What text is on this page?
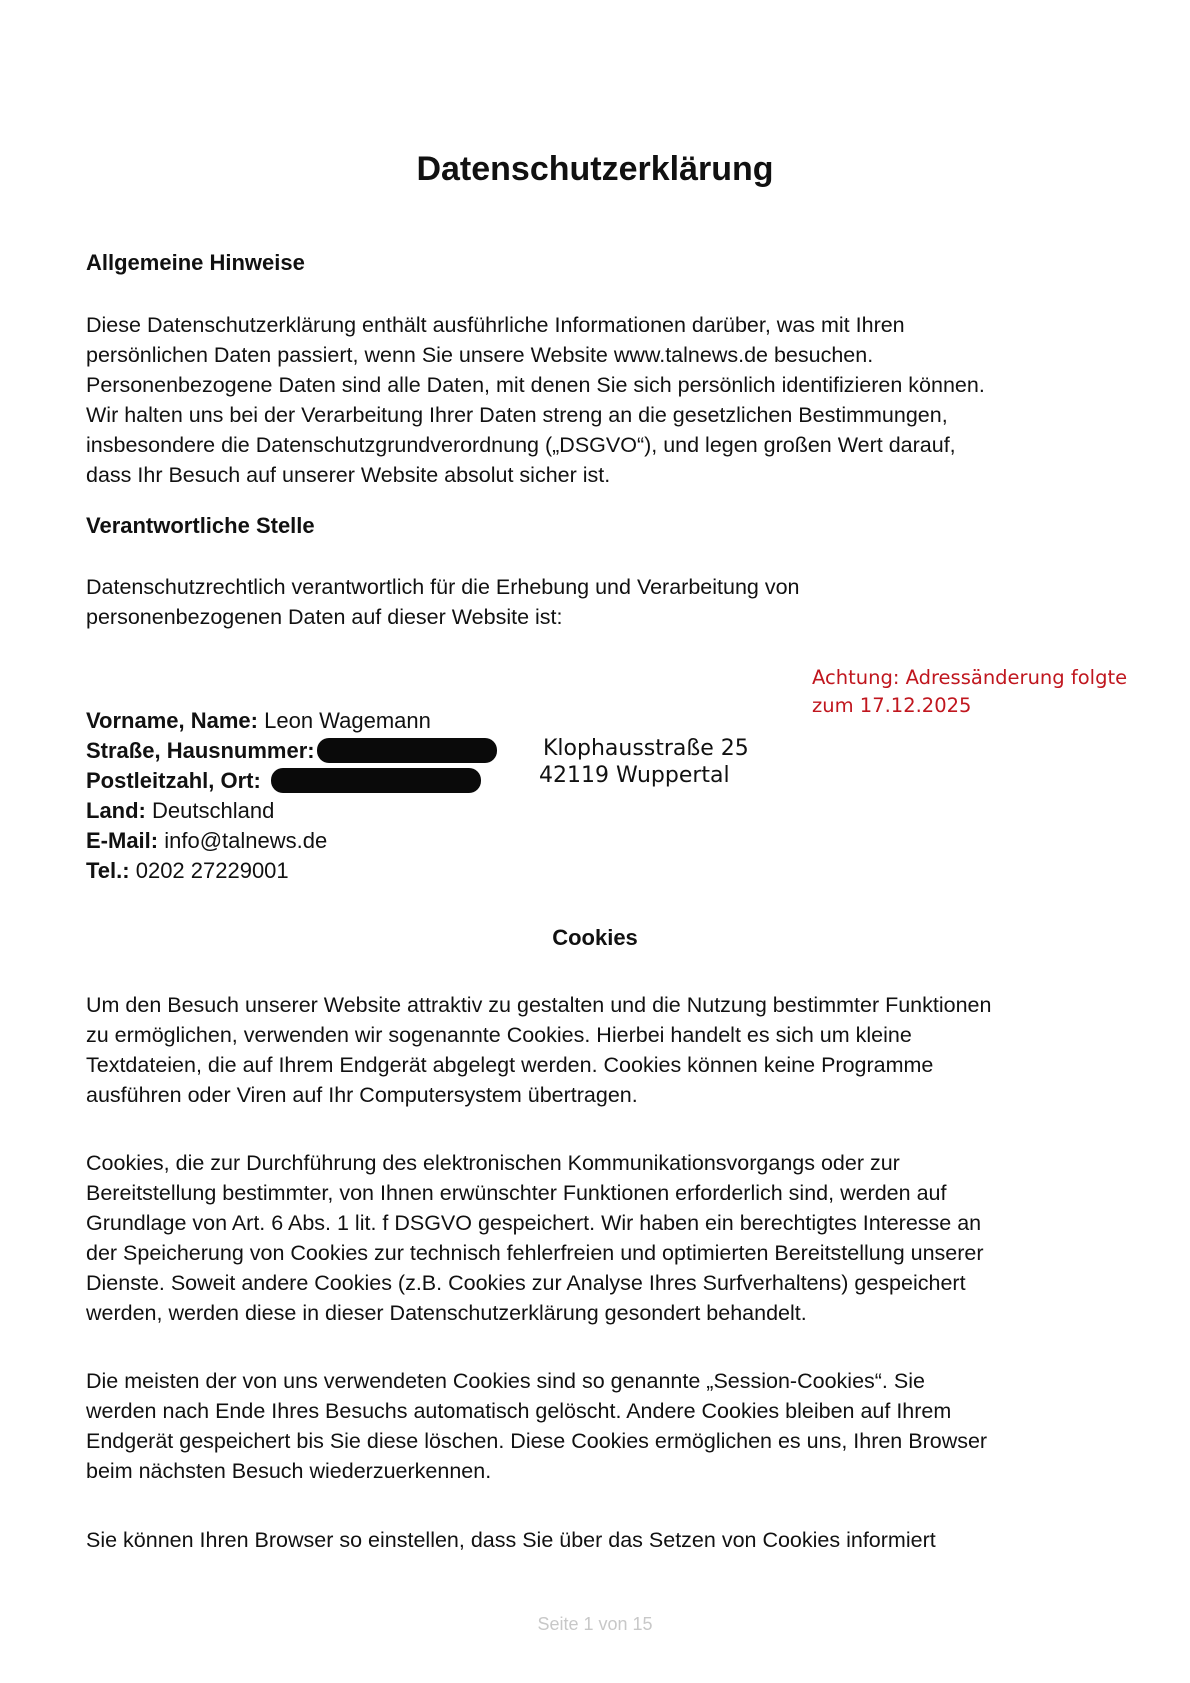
Datenschutzerklärung
Allgemeine Hinweise

Diese Datenschutzerklärung enthält ausführliche Informationen darüber, was mit Ihren

persönlichen Daten passiert, wenn Sie unsere Website www.talnews.de besuchen.

Personenbezogene Daten sind alle Daten, mit denen Sie sich persönlich identifizieren können.

Wir halten uns bei der Verarbeitung Ihrer Daten streng an die gesetzlichen Bestimmungen,

insbesondere die Datenschutzgrundverordnung („DSGVO“), und legen großen Wert darauf,

dass Ihr Besuch auf unserer Website absolut sicher ist.

Verantwortliche Stelle

Datenschutzrechtlich verantwortlich für die Erhebung und Verarbeitung von

personenbezogenen Daten auf dieser Website ist:

Achtung: Adressänderung folgte
zum 17.12.2025
Vorname, Name: Leon Wagemann
Straße, Hausnummer:
Postleitzahl, Ort:
Land: Deutschland
E-Mail: info@talnews.de
Tel.: 0202 27229001
Klophausstraße 25
42119 Wuppertal
Cookies

Um den Besuch unserer Website attraktiv zu gestalten und die Nutzung bestimmter Funktionen

zu ermöglichen, verwenden wir sogenannte Cookies. Hierbei handelt es sich um kleine

Textdateien, die auf Ihrem Endgerät abgelegt werden. Cookies können keine Programme

ausführen oder Viren auf Ihr Computersystem übertragen.

Cookies, die zur Durchführung des elektronischen Kommunikationsvorgangs oder zur

Bereitstellung bestimmter, von Ihnen erwünschter Funktionen erforderlich sind, werden auf

Grundlage von Art. 6 Abs. 1 lit. f DSGVO gespeichert. Wir haben ein berechtigtes Interesse an

der Speicherung von Cookies zur technisch fehlerfreien und optimierten Bereitstellung unserer

Dienste. Soweit andere Cookies (z.B. Cookies zur Analyse Ihres Surfverhaltens) gespeichert

werden, werden diese in dieser Datenschutzerklärung gesondert behandelt.

Die meisten der von uns verwendeten Cookies sind so genannte „Session-Cookies“. Sie

werden nach Ende Ihres Besuchs automatisch gelöscht. Andere Cookies bleiben auf Ihrem

Endgerät gespeichert bis Sie diese löschen. Diese Cookies ermöglichen es uns, Ihren Browser

beim nächsten Besuch wiederzuerkennen.

Sie können Ihren Browser so einstellen, dass Sie über das Setzen von Cookies informiert

Seite 1 von 15
